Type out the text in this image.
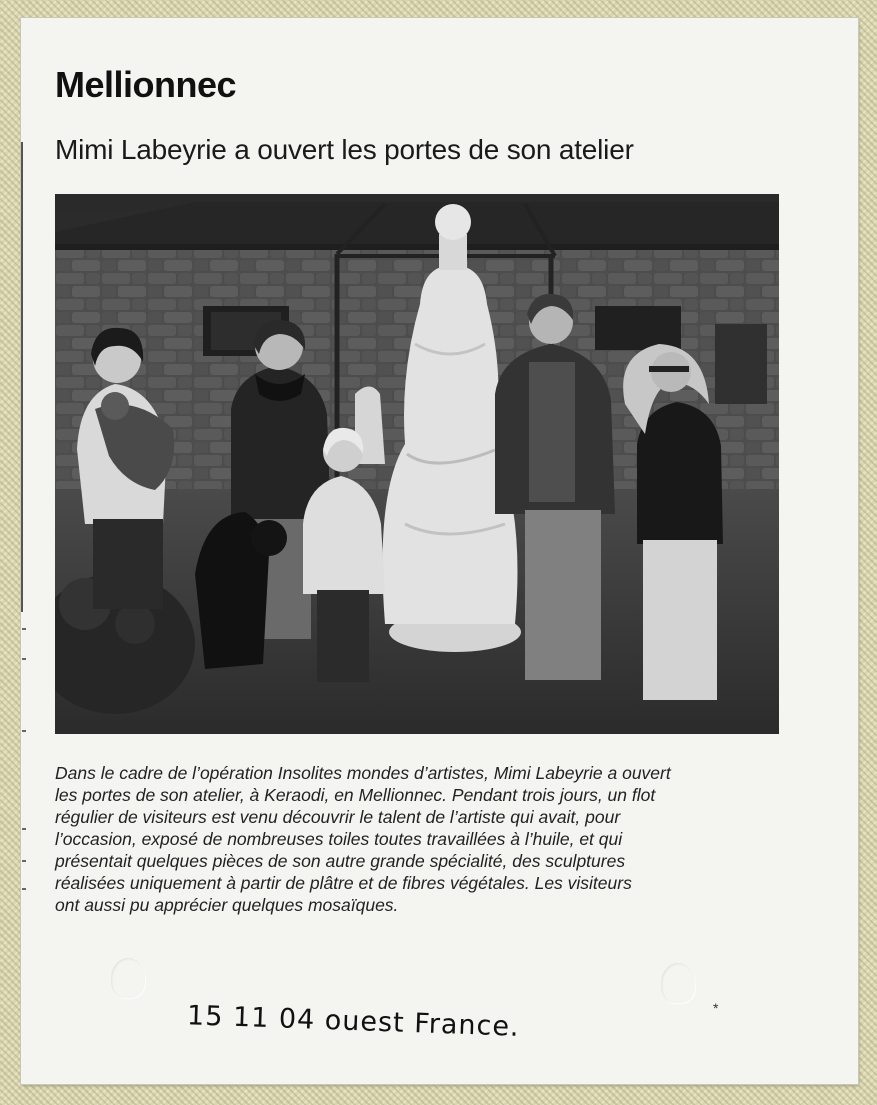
Mellionnec
Mimi Labeyrie a ouvert les portes de son atelier

Dans le cadre de l’opération Insolites mondes d’artistes, Mimi Labeyrie a ouvert
les portes de son atelier, à Keraodi, en Mellionnec. Pendant trois jours, un flot
régulier de visiteurs est venu découvrir le talent de l’artiste qui avait, pour
l’occasion, exposé de nombreuses toiles toutes travaillées à l’huile, et qui
présentait quelques pièces de son autre grande spécialité, des sculptures
réalisées uniquement à partir de plâtre et de fibres végétales. Les visiteurs
ont aussi pu apprécier quelques mosaïques.

15 11 04 ouest France.	*
